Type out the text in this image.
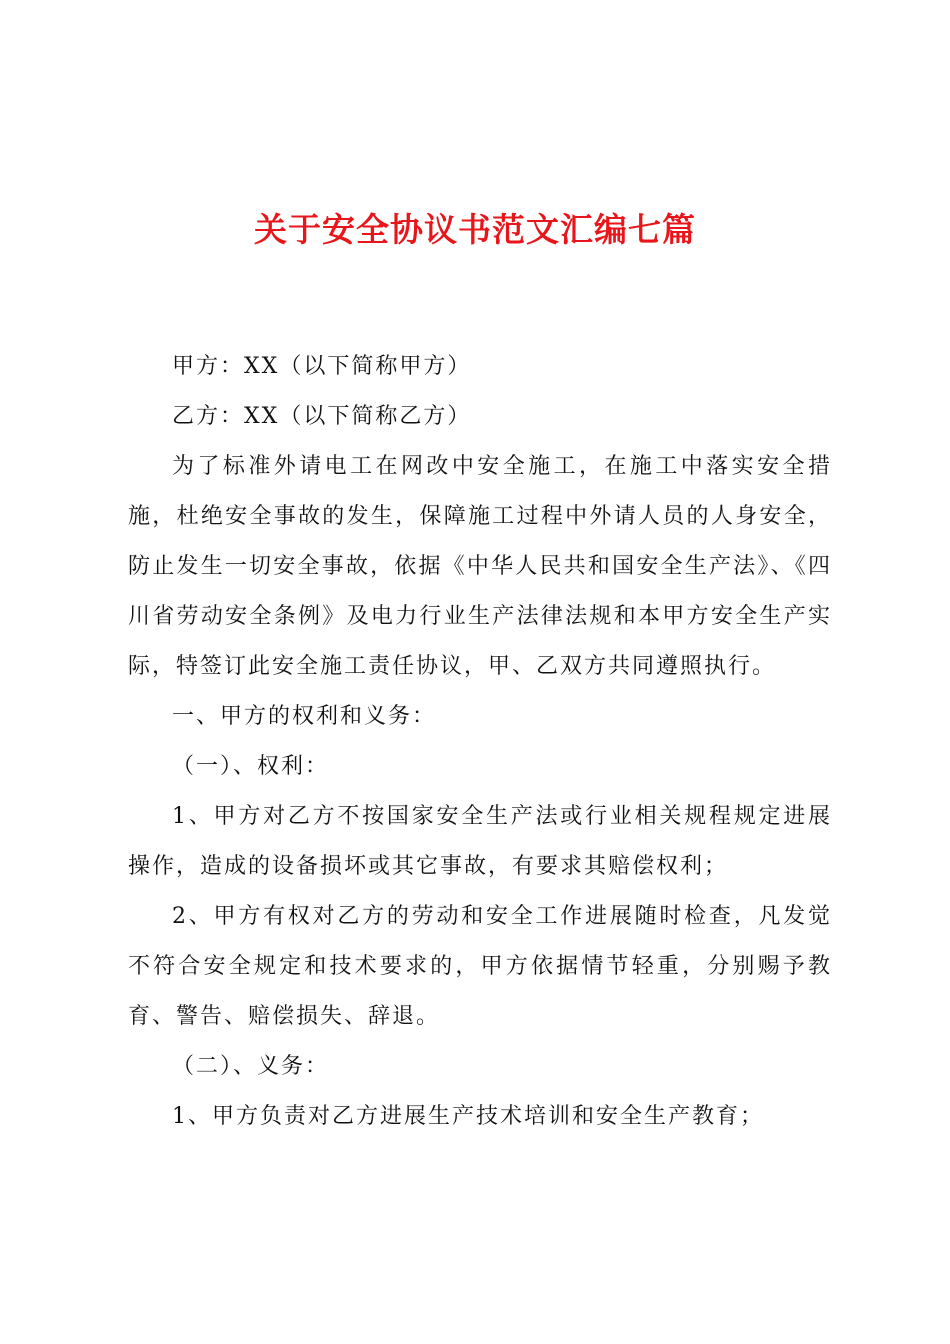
关于安全协议书范文汇编七篇

甲方：XX（以下简称甲方）

乙方：XX（以下简称乙方）

为了标准外请电工在网改中安全施工，在施工中落实安全措施，杜绝安全事故的发生，保障施工过程中外请人员的人身安全，防止发生一切安全事故，依据《中华人民共和国安全生产法》、《四川省劳动安全条例》及电力行业生产法律法规和本甲方安全生产实际，特签订此安全施工责任协议，甲、乙双方共同遵照执行。

一、甲方的权利和义务：

（一）、权利：

1、甲方对乙方不按国家安全生产法或行业相关规程规定进展操作，造成的设备损坏或其它事故，有要求其赔偿权利；

2、甲方有权对乙方的劳动和安全工作进展随时检查，凡发觉不符合安全规定和技术要求的，甲方依据情节轻重，分别赐予教育、警告、赔偿损失、辞退。

（二）、义务：

1、甲方负责对乙方进展生产技术培训和安全生产教育；
